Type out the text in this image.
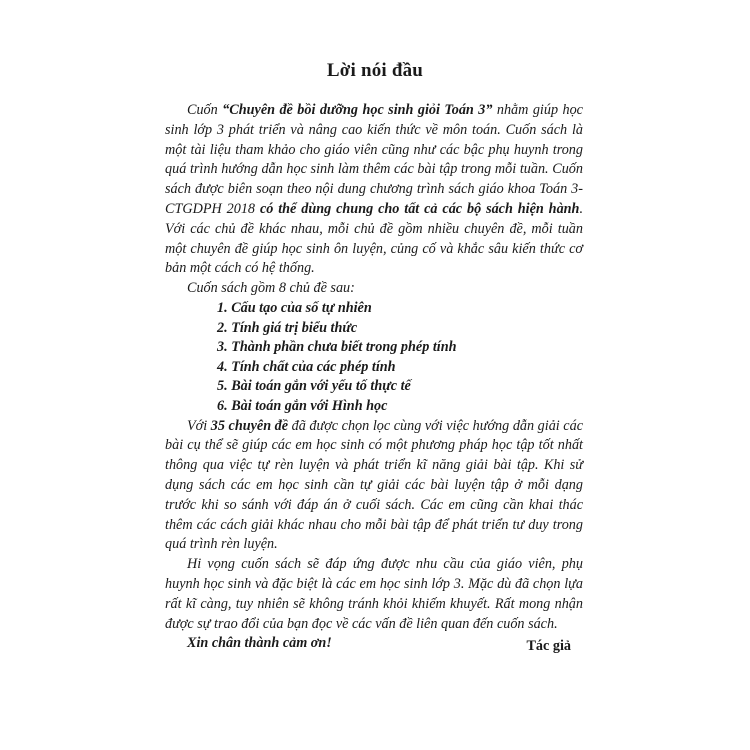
Lời nói đầu

Cuốn “Chuyên đề bồi dưỡng học sinh giỏi Toán 3” nhằm giúp học sinh lớp 3 phát triển và nâng cao kiến thức về môn toán. Cuốn sách là một tài liệu tham khảo cho giáo viên cũng như các bậc phụ huynh trong quá trình hướng dẫn học sinh làm thêm các bài tập trong mỗi tuần. Cuốn sách được biên soạn theo nội dung chương trình sách giáo khoa Toán 3-CTGDPH 2018 có thể dùng chung cho tất cả các bộ sách hiện hành. Với các chủ đề khác nhau, mỗi chủ đề gồm nhiều chuyên đề, mỗi tuần một chuyên đề giúp học sinh ôn luyện, củng cố và khắc sâu kiến thức cơ bản một cách có hệ thống.

Cuốn sách gồm 8 chủ đề sau:

1. Cấu tạo của số tự nhiên
2. Tính giá trị biểu thức
3. Thành phần chưa biết trong phép tính
4. Tính chất của các phép tính
5. Bài toán gắn với yếu tố thực tế
6. Bài toán gắn với Hình học

Với 35 chuyên đề đã được chọn lọc cùng với việc hướng dẫn giải các bài cụ thể sẽ giúp các em học sinh có một phương pháp học tập tốt nhất thông qua việc tự rèn luyện và phát triển kĩ năng giải bài tập. Khi sử dụng sách các em học sinh cần tự giải các bài luyện tập ở mỗi dạng trước khi so sánh với đáp án ở cuối sách. Các em cũng cần khai thác thêm các cách giải khác nhau cho mỗi bài tập để phát triển tư duy trong quá trình rèn luyện.

Hi vọng cuốn sách sẽ đáp ứng được nhu cầu của giáo viên, phụ huynh học sinh và đặc biệt là các em học sinh lớp 3. Mặc dù đã chọn lựa rất kĩ càng, tuy nhiên sẽ không tránh khỏi khiếm khuyết. Rất mong nhận được sự trao đổi của bạn đọc về các vấn đề liên quan đến cuốn sách.

Xin chân thành cảm ơn!	Tác giả
